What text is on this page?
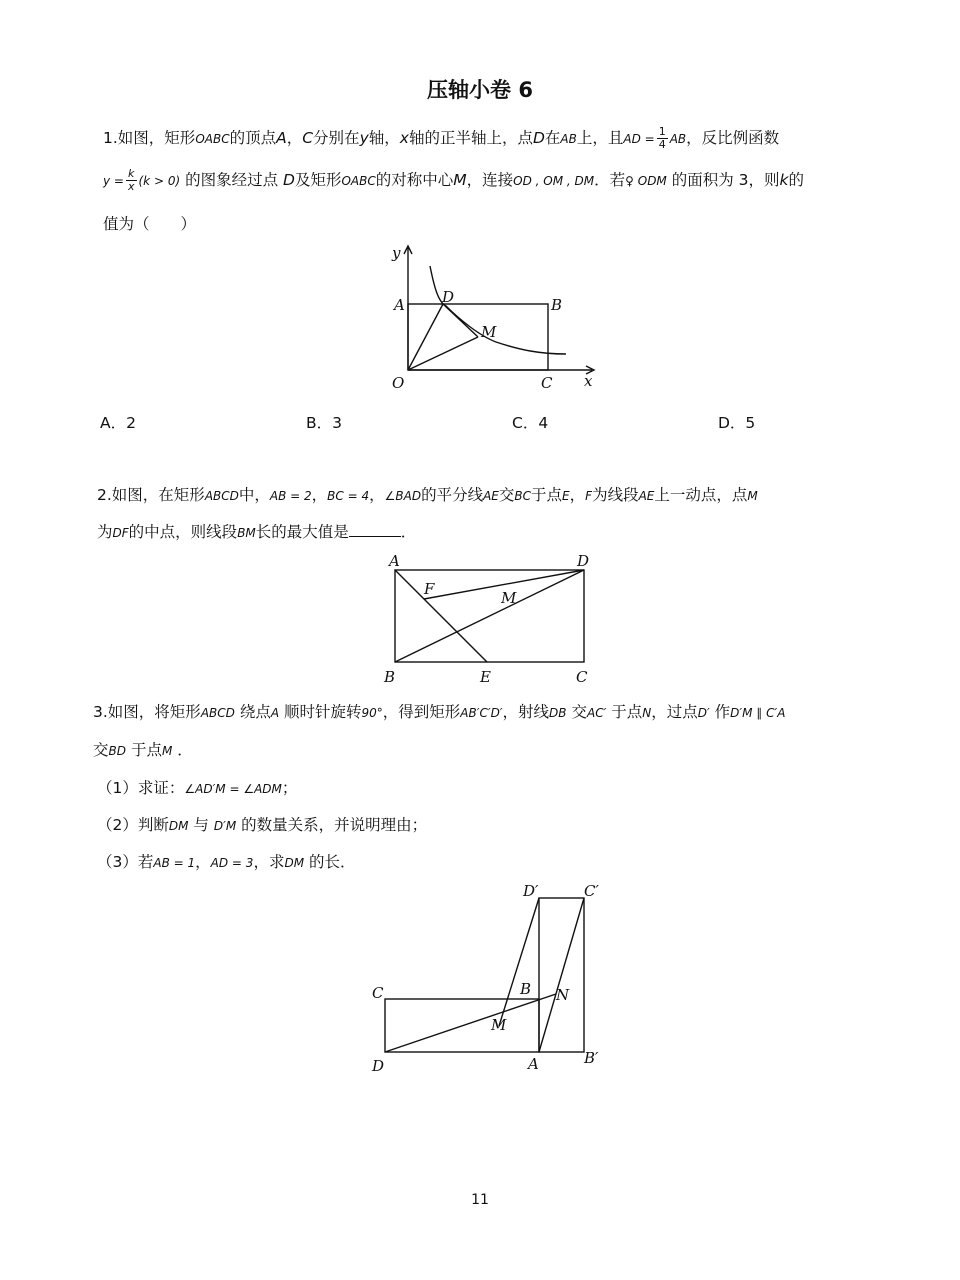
压轴小卷 6
1.如图，矩形OABC的顶点A，C分别在y轴，x轴的正半轴上，点D在AB上，且AD = $\frac{1}{4}$ AB，反比例函数
$y = \frac{k}{x} (k > 0)$ 的图象经过点 D及矩形OABC的对称中心M，连接OD , OM , DM．若♀ ODM 的面积为 3，则k的
值为（　　）
y
x
O
A	B
C
D
M
A．2	B．3	C．4	D．5
2.如图，在矩形ABCD中，AB = 2，BC = 4，∠BAD的平分线AE交BC于点E，F为线段AE上一动点，点M
为DF的中点，则线段BM长的最大值是	．
A	D
B	E	C
F	M
3.如图，将矩形ABCD 绕点A 顺时针旋转90°，得到矩形AB′C′D′，射线DB 交AC′ 于点N，过点D′ 作D′M ∥ C′A
交BD 于点M ．
（1）求证：∠AD′M = ∠ADM；
（2）判断DM 与 D′M 的数量关系，并说明理由；
（3）若AB = 1，AD = 3，求DM 的长．
C
D	A
B
M
N
D′	C′
B′
11
